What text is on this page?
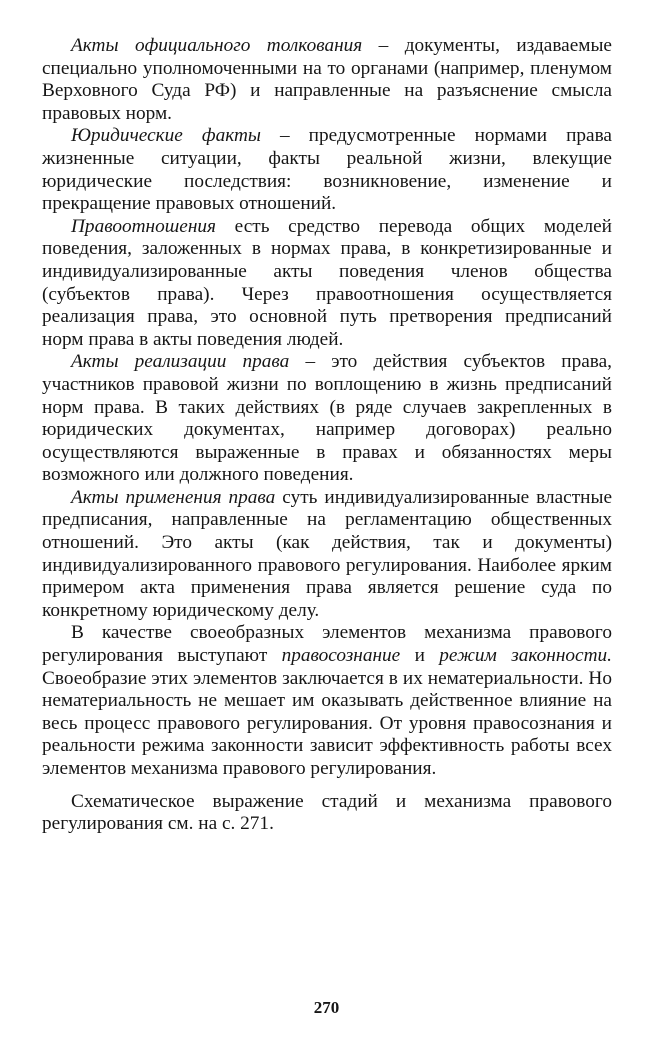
Акты официального толкования – документы, издаваемые специально уполномоченными на то органами (например, пленумом Верховного Суда РФ) и направленные на разъяснение смысла правовых норм.

Юридические факты – предусмотренные нормами права жизненные ситуации, факты реальной жизни, влекущие юридические последствия: возникновение, изменение и прекращение правовых отношений.

Правоотношения есть средство перевода общих моделей поведения, заложенных в нормах права, в конкретизированные и индивидуализированные акты поведения членов общества (субъектов права). Через правоотношения осуществляется реализация права, это основной путь претворения предписаний норм права в акты поведения людей.

Акты реализации права – это действия субъектов права, участников правовой жизни по воплощению в жизнь предписаний норм права. В таких действиях (в ряде случаев закрепленных в юридических документах, например договорах) реально осуществляются выраженные в правах и обязанностях меры возможного или должного поведения.

Акты применения права суть индивидуализированные властные предписания, направленные на регламентацию общественных отношений. Это акты (как действия, так и документы) индивидуализированного правового регулирования. Наиболее ярким примером акта применения права является решение суда по конкретному юридическому делу.

В качестве своеобразных элементов механизма правового регулирования выступают правосознание и режим законности. Своеобразие этих элементов заключается в их нематериальности. Но нематериальность не мешает им оказывать действенное влияние на весь процесс правового регулирования. От уровня правосознания и реальности режима законности зависит эффективность работы всех элементов механизма правового регулирования.

Схематическое выражение стадий и механизма правового регулирования см. на с. 271.

270
